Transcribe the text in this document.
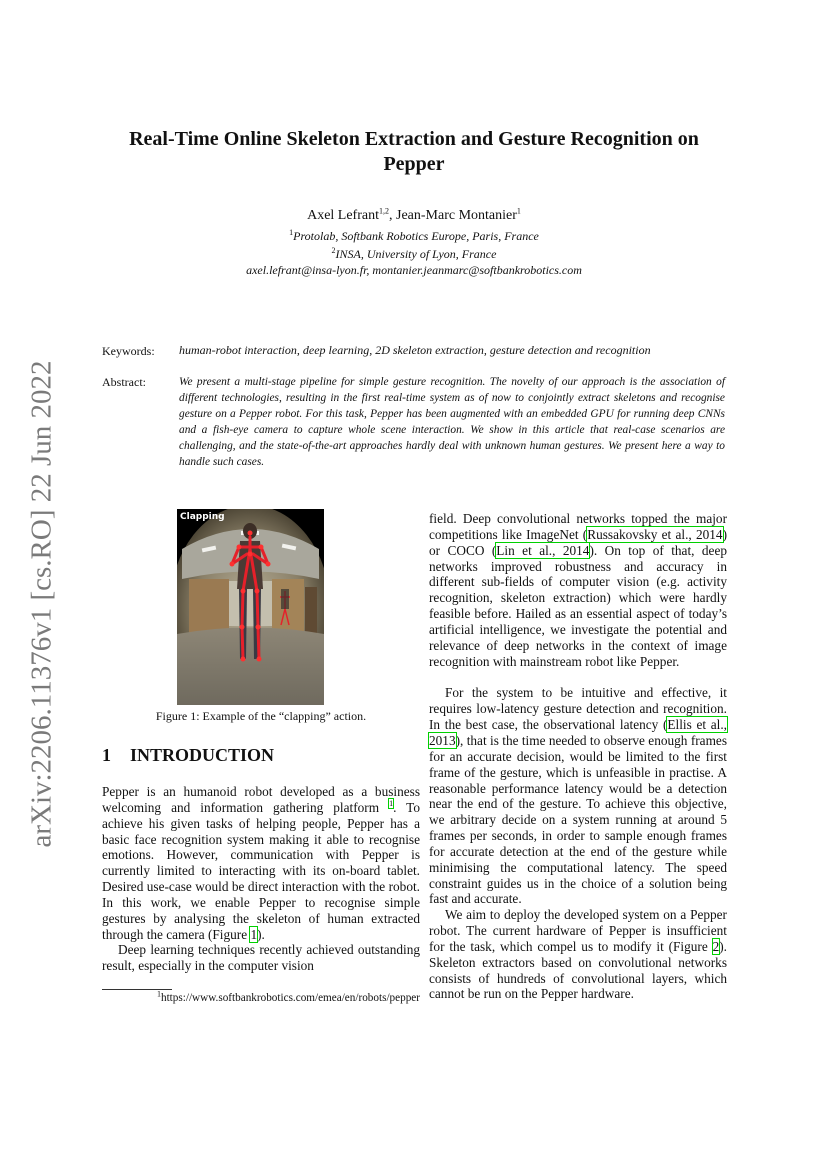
arXiv:2206.11376v1 [cs.RO] 22 Jun 2022
Real-Time Online Skeleton Extraction and Gesture Recognition on Pepper
Axel Lefrant$^{1,2}$, Jean-Marc Montanier$^1$
$^1$Protolab, Softbank Robotics Europe, Paris, France
$^2$INSA, University of Lyon, France
axel.lefrant@insa-lyon.fr, montanier.jeanmarc@softbankrobotics.com
Keywords: human-robot interaction, deep learning, 2D skeleton extraction, gesture detection and recognition
Abstract:	We present a multi-stage pipeline for simple gesture recognition. The novelty of our approach is the association of different technologies, resulting in the first real-time system as of now to conjointly extract skeletons and recognise gesture on a Pepper robot. For this task, Pepper has been augmented with an embedded GPU for running deep CNNs and a fish-eye camera to capture whole scene interaction. We show in this article that real-case scenarios are challenging, and the state-of-the-art approaches hardly deal with unknown human gestures. We present here a way to handle such cases.
Clapping
Figure 1: Example of the “clapping” action.
1 INTRODUCTION

Pepper is an humanoid robot developed as a business welcoming and information gathering platform $^1$. To achieve his given tasks of helping people, Pepper has a basic face recognition system making it able to recognise emotions. However, communication with Pepper is currently limited to interacting with its on-board tablet. Desired use-case would be direct interaction with the robot. In this work, we enable Pepper to recognise simple gestures by analysing the skeleton of human extracted through the camera (Figure 1).

Deep learning techniques recently achieved outstanding result, especially in the computer vision

$^1$https://www.softbankrobotics.com/emea/en/robots/pepper

field. Deep convolutional networks topped the major competitions like ImageNet (Russakovsky et al., 2014) or COCO (Lin et al., 2014). On top of that, deep networks improved robustness and accuracy in different sub-fields of computer vision (e.g. activity recognition, skeleton extraction) which were hardly feasible before. Hailed as an essential aspect of today’s artificial intelligence, we investigate the potential and relevance of deep networks in the context of image recognition with mainstream robot like Pepper.

For the system to be intuitive and effective, it requires low-latency gesture detection and recognition. In the best case, the observational latency (Ellis et al., 2013), that is the time needed to observe enough frames for an accurate decision, would be limited to the first frame of the gesture, which is unfeasible in practise. A reasonable performance latency would be a detection near the end of the gesture. To achieve this objective, we arbitrary decide on a system running at around 5 frames per seconds, in order to sample enough frames for accurate detection at the end of the gesture while minimising the computational latency. The speed constraint guides us in the choice of a solution being fast and accurate.

We aim to deploy the developed system on a Pepper robot. The current hardware of Pepper is insufficient for the task, which compel us to modify it (Figure 2). Skeleton extractors based on convolutional networks consists of hundreds of convolutional layers, which cannot be run on the Pepper hardware.
